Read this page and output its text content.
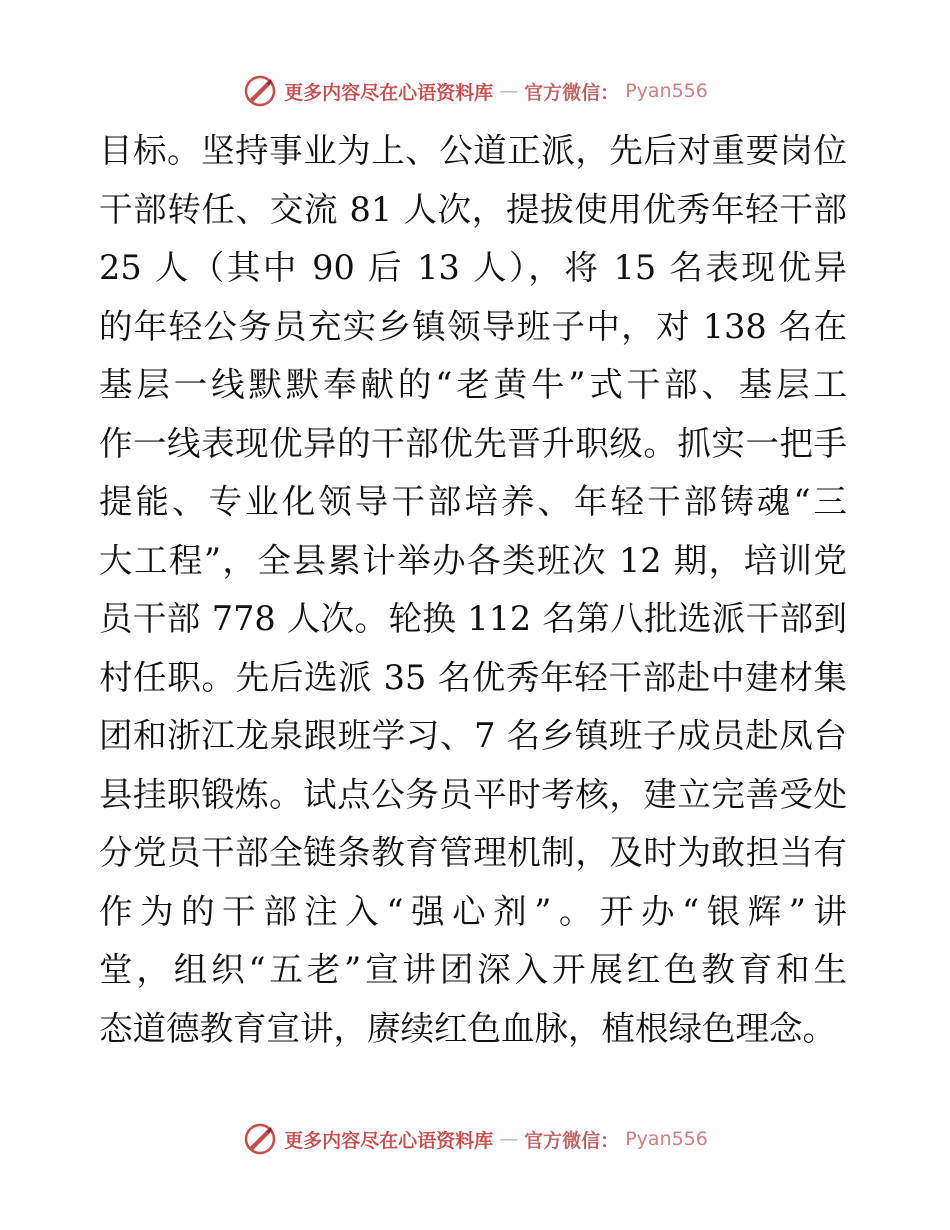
更多内容尽在心语资料库 — 官方微信： Pyan556
目标。坚持事业为上、公道正派，先后对重要岗位
干部转任、交流 81 人次，提拔使用优秀年轻干部
25 人（其中 90 后 13 人），将 15 名表现优异
的年轻公务员充实乡镇领导班子中，对 138 名在
基层一线默默奉献的“老黄牛”式干部、基层工
作一线表现优异的干部优先晋升职级。抓实一把手
提能、专业化领导干部培养、年轻干部铸魂“三
大工程”，全县累计举办各类班次 12 期，培训党
员干部 778 人次。轮换 112 名第八批选派干部到
村任职。先后选派 35 名优秀年轻干部赴中建材集
团和浙江龙泉跟班学习、7 名乡镇班子成员赴凤台
县挂职锻炼。试点公务员平时考核，建立完善受处
分党员干部全链条教育管理机制，及时为敢担当有
作为的干部注入“强心剂”。开办“银辉”讲
堂，组织“五老”宣讲团深入开展红色教育和生
态道德教育宣讲，赓续红色血脉，植根绿色理念。
更多内容尽在心语资料库 — 官方微信： Pyan556
